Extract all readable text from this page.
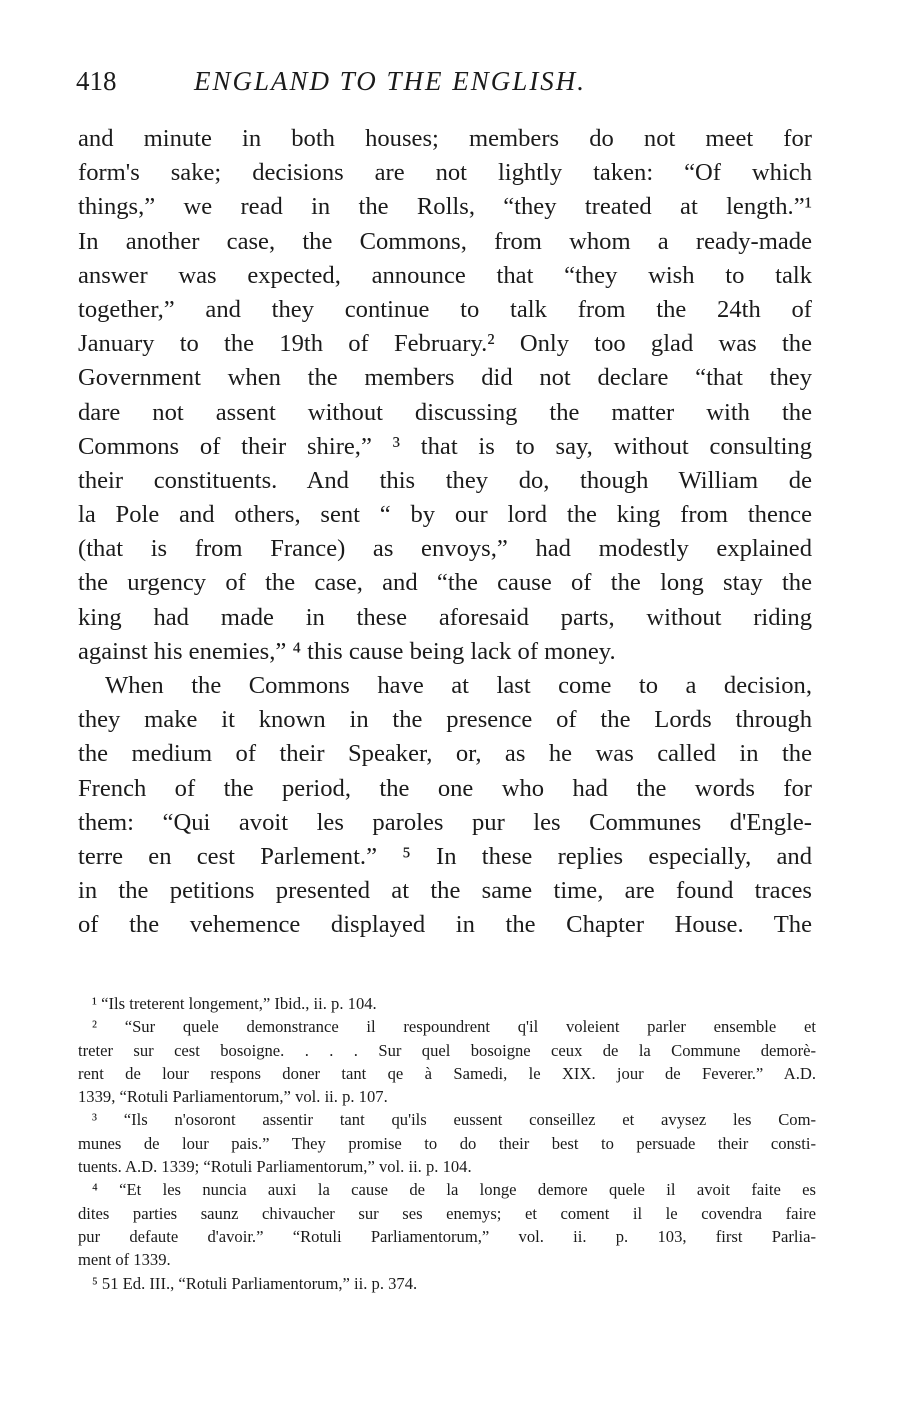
418	ENGLAND TO THE ENGLISH.
and minute in both houses; members do not meet for
form's sake; decisions are not lightly taken: “Of which
things,” we read in the Rolls, “they treated at length.”¹
In another case, the Commons, from whom a ready-made
answer was expected, announce that “they wish to talk
together,” and they continue to talk from the 24th of
January to the 19th of February.² Only too glad was the
Government when the members did not declare “that they
dare not assent without discussing the matter with the
Commons of their shire,” ³ that is to say, without consulting
their constituents. And this they do, though William de
la Pole and others, sent “ by our lord the king from thence
(that is from France) as envoys,” had modestly explained
the urgency of the case, and “the cause of the long stay the
king had made in these aforesaid parts, without riding
against his enemies,” ⁴ this cause being lack of money.
When the Commons have at last come to a decision,
they make it known in the presence of the Lords through
the medium of their Speaker, or, as he was called in the
French of the period, the one who had the words for
them: “Qui avoit les paroles pur les Communes d'Engle-
terre en cest Parlement.” ⁵ In these replies especially, and
in the petitions presented at the same time, are found traces
of the vehemence displayed in the Chapter House. The
¹ “Ils treterent longement,” Ibid., ii. p. 104.
² “Sur quele demonstrance il respoundrent q'il voleient parler ensemble et
treter sur cest bosoigne. . . . Sur quel bosoigne ceux de la Commune demorè-
rent de lour respons doner tant qe à Samedi, le XIX. jour de Feverer.” A.D.
1339, “Rotuli Parliamentorum,” vol. ii. p. 107.
³ “Ils n'osoront assentir tant qu'ils eussent conseillez et avysez les Com-
munes de lour pais.” They promise to do their best to persuade their consti-
tuents. A.D. 1339; “Rotuli Parliamentorum,” vol. ii. p. 104.
⁴ “Et les nuncia auxi la cause de la longe demore quele il avoit faite es
dites parties saunz chivaucher sur ses enemys; et coment il le covendra faire
pur defaute d'avoir.” “Rotuli Parliamentorum,” vol. ii. p. 103, first Parlia-
ment of 1339.
⁵ 51 Ed. III., “Rotuli Parliamentorum,” ii. p. 374.
